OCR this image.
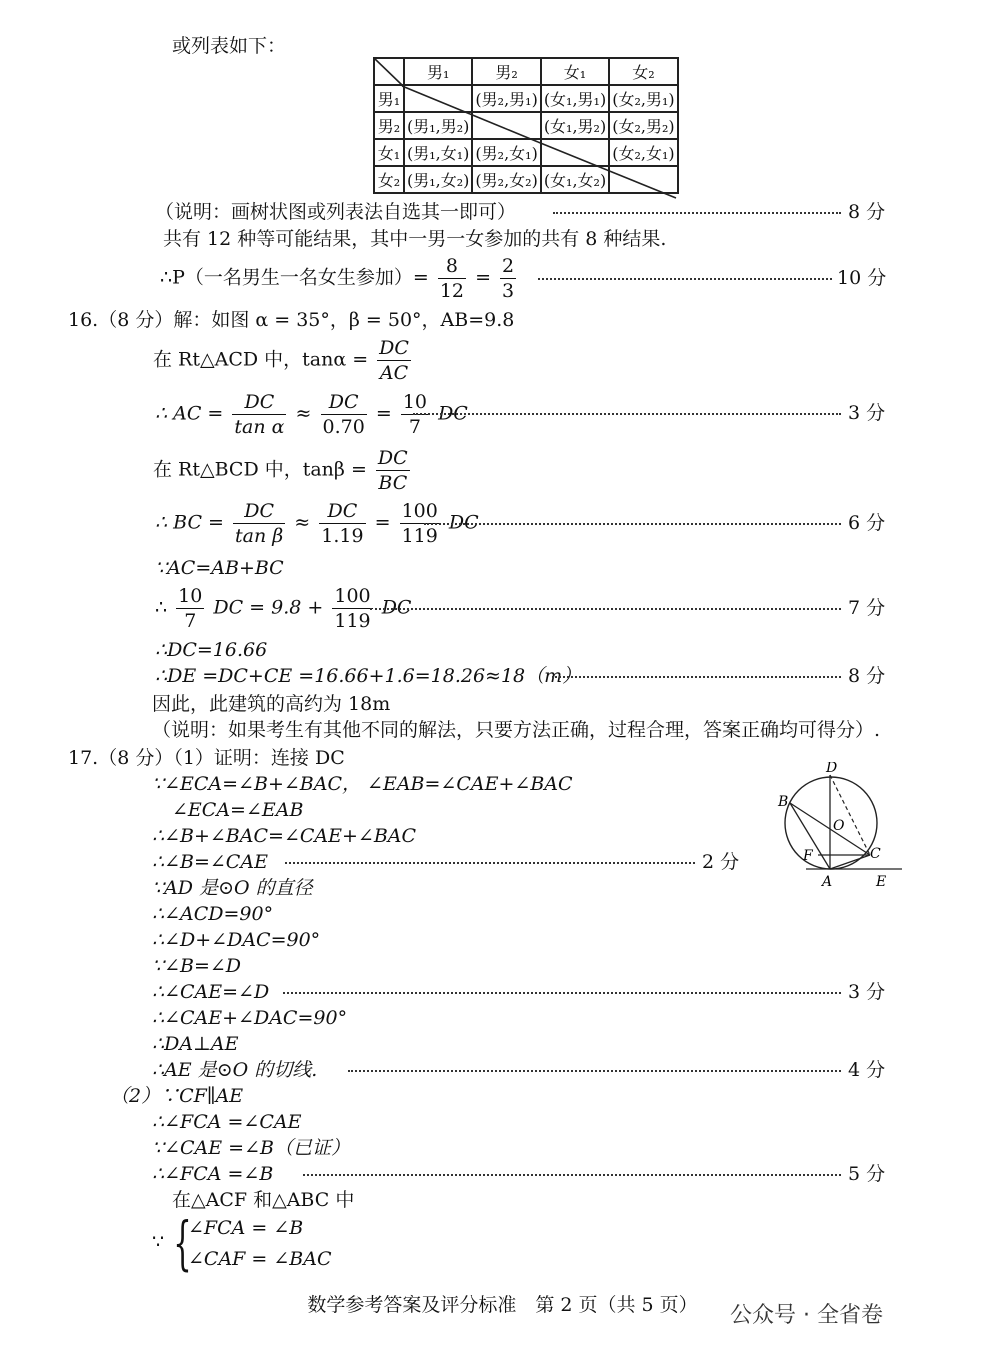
或列表如下：
	男₁	男₂	女₁	女₂
男₁		(男₂,男₁)	(女₁,男₁)	(女₂,男₁)
男₂	(男₁,男₂)		(女₁,男₂)	(女₂,男₂)
女₁	(男₁,女₁)	(男₂,女₁)		(女₂,女₁)
女₂	(男₁,女₂)	(男₂,女₂)	(女₁,女₂)	
（说明：画树状图或列表法自选其一即可）	8 分
共有 12 种等可能结果，其中一男一女参加的共有 8 种结果.
∴P（一名男生一名女生参加）= $\frac{8}{12} = \frac{2}{3}$	10 分
16.（8 分）解：如图 α = 35°，β = 50°，AB=9.8
在 Rt△ACD 中，$\tan\alpha = \frac{DC}{AC}$
∴ AC = $\frac{DC}{\text{tan α}} \approx \frac{DC}{0.70} = \frac{10}{7}$ DC	3 分
在 Rt△BCD 中，$\tan\beta = \frac{DC}{BC}$
∴ BC = $\frac{DC}{\text{tan β}} \approx \frac{DC}{1.19} = \frac{100}{119}$ DC	6 分
∵AC=AB+BC
∴ $\frac{10}{7}$ DC = $9.8 + \frac{100}{119}$ DC	7 分
∴DC=16.66
∴DE =DC+CE =16.66+1.6=18.26≈18（m）	8 分
因此，此建筑的高约为 18m
（说明：如果考生有其他不同的解法，只要方法正确，过程合理，答案正确均可得分）.
17.（8 分）（1）证明：连接 DC
∵∠ECA=∠B+∠BAC， ∠EAB=∠CAE+∠BAC
∠ECA=∠EAB
∴∠B+∠BAC=∠CAE+∠BAC
∴∠B=∠CAE	2 分
∵AD 是⊙O 的直径
∴∠ACD=90°
∴∠D+∠DAC=90°
∵∠B=∠D
∴∠CAE=∠D	3 分
∴∠CAE+∠DAC=90°
∴DA⊥AE
∴AE 是⊙O 的切线.	4 分
（2）∵CF∥AE
∴∠FCA =∠CAE
∵∠CAE =∠B（已证）
∴∠FCA =∠B	5 分
在△ACF 和△ABC 中
∵ {
∠FCA = ∠B
∠CAF = ∠BAC
D
B
O
F	C
A	E
数学参考答案及评分标准　第 2 页（共 5 页）	公众号 · 全省卷
